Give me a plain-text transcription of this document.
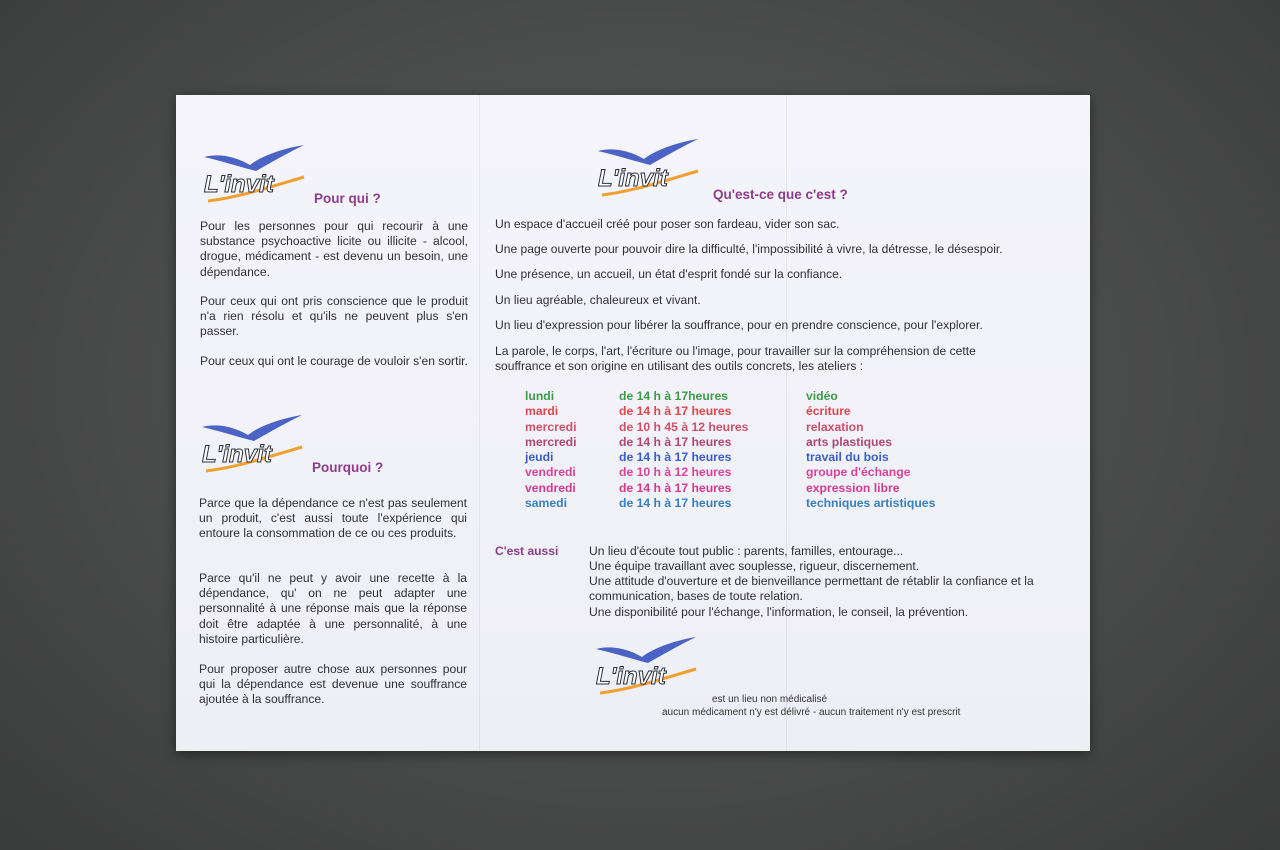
L'invit

Pour qui ?

Pour les personnes pour qui recourir à une substance psychoactive licite ou illicite - alcool, drogue, médicament - est devenu un besoin, une dépendance.

Pour ceux qui ont pris conscience que le produit n'a rien résolu et qu'ils ne peuvent plus s'en passer.

Pour ceux qui ont le courage de vouloir s'en sortir.

L'invit	Pourquoi ?

Parce que la dépendance ce n'est pas seulement un produit, c'est aussi toute l'expérience qui entoure la consommation de ce ou ces produits.

Parce qu'il ne peut y avoir une recette à la dépendance, qu' on ne peut adapter une personnalité à une réponse mais que la réponse doit être adaptée à une personnalité, à une histoire particulière.

Pour proposer autre chose aux personnes pour qui la dépendance est devenue une souffrance ajoutée à la souffrance.

L'invit

Qu'est-ce que c'est ?

Un espace d'accueil créé pour poser son fardeau, vider son sac.

Une page ouverte pour pouvoir dire la difficulté, l'impossibilité à vivre, la détresse, le désespoir.

Une présence, un accueil, un état d'esprit fondé sur la confiance.

Un lieu agréable, chaleureux et vivant.

Un lieu d'expression pour libérer la souffrance, pour en prendre conscience, pour l'explorer.

La parole, le corps, l'art, l'écriture ou l'image, pour travailler sur la compréhension de cette souffrance et son origine en utilisant des outils concrets, les ateliers :

lundi
mardi
mercredi
mercredi
jeudi
vendredi
vendredi
samedi
de 14 h à 17heures
de 14 h à 17 heures
de 10 h 45 à 12 heures
de 14 h à 17 heures
de 14 h à 17 heures
de 10 h à 12 heures
de 14 h à 17 heures
de 14 h à 17 heures
vidéo
écriture
relaxation
arts plastiques
travail du bois
groupe d'échange
expression libre
techniques artistiques

C'est aussi	Un lieu d'écoute tout public : parents, familles, entourage...

Une équipe travaillant avec souplesse, rigueur, discernement.

Une attitude d'ouverture et de bienveillance permettant de rétablir la confiance et la communication, bases de toute relation.

Une disponibilité pour l'échange, l'information, le conseil, la prévention.

L'invit
est un lieu non médicalisé
aucun médicament n'y est délivré - aucun traitement n'y est prescrit
